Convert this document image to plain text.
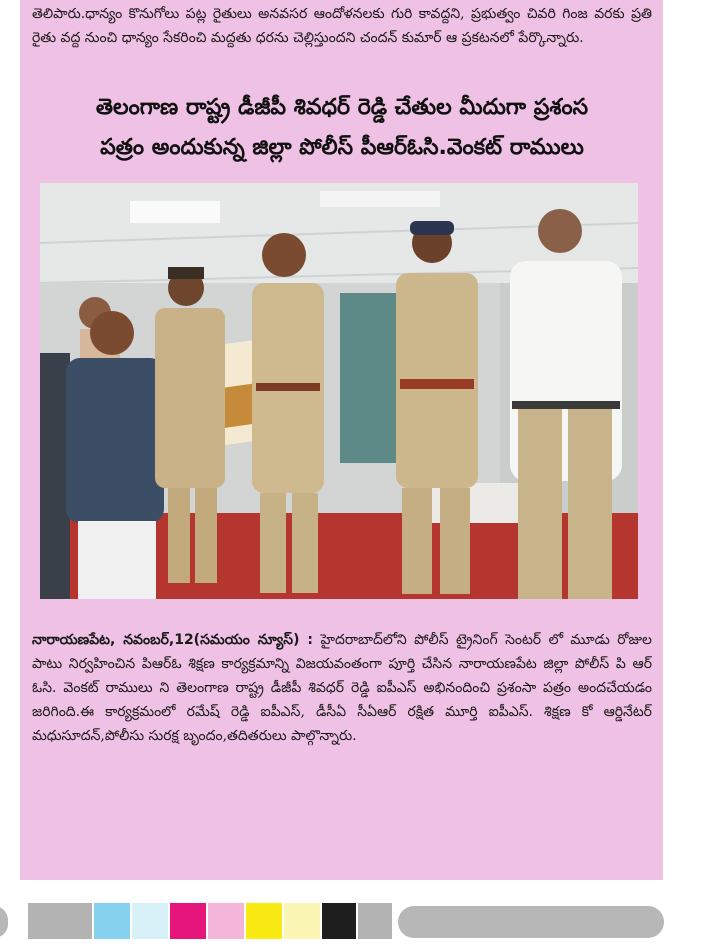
తెలిపారు.ధాన్యం కొనుగోలు పట్ల రైతులు అనవసర ఆందోళనలకు గురి కావద్దని, ప్రభుత్వం చివరి గింజ వరకు ప్రతి రైతు వద్ద నుంచి ధాన్యం సేకరించి మద్దతు ధరను చెల్లిస్తుందని చందన్ కుమార్ ఆ ప్రకటనలో పేర్కొన్నారు.

తెలంగాణ రాష్ట్ర డీజీపీ శివధర్ రెడ్డి చేతుల మీదుగా ప్రశంస
పత్రం అందుకున్న జిల్లా పోలీస్ పీఆర్ఓసి.వెంకట్ రాములు

నారాయణపేట, నవంబర్,12(సమయం న్యూస్) : హైదరాబాద్‌లోని పోలీస్ ట్రైనింగ్ సెంటర్ లో మూడు రోజుల పాటు నిర్వహించిన పిఆర్ఓ శిక్షణ కార్యక్రమాన్ని విజయవంతంగా పూర్తి చేసిన నారాయణపేట జిల్లా పోలీస్ పి ఆర్ ఓసి. వెంకట్ రాములు ని తెలంగాణ రాష్ట్ర డీజీపీ శివధర్ రెడ్డి ఐపీఎస్ అభినందించి ప్రశంసా పత్రం అందచేయడం జరిగింది.ఈ కార్యక్రమంలో రమేష్ రెడ్డి ఐపీఎస్, డీసీఏ సీఏఆర్ రక్షిత మూర్తి ఐపీఎస్. శిక్షణ కో ఆర్డినేటర్ మధుసూదన్,పోలీసు సురక్ష బృందం,తదితరులు పాల్గొన్నారు.
